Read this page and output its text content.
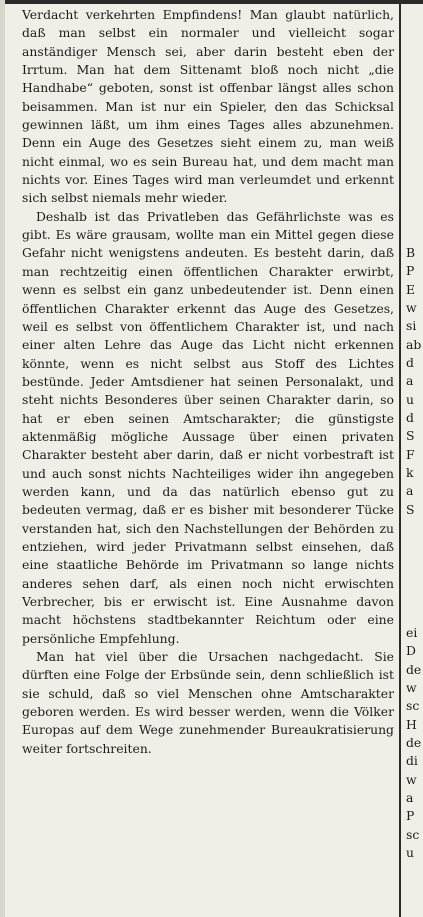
Verdacht verkehrten Empfindens! Man glaubt natürlich, daß man selbst ein normaler und vielleicht sogar anständiger Mensch sei, aber darin besteht eben der Irrtum. Man hat dem Sittenamt bloß noch nicht „die Handhabe“ geboten, sonst ist offenbar längst alles schon beisammen. Man ist nur ein Spieler, den das Schicksal gewinnen läßt, um ihm eines Tages alles abzunehmen. Denn ein Auge des Gesetzes sieht einem zu, man weiß nicht einmal, wo es sein Bureau hat, und dem macht man nichts vor. Eines Tages wird man verleumdet und erkennt sich selbst niemals mehr wieder.

Deshalb ist das Privatleben das Gefährlichste was es gibt. Es wäre grausam, wollte man ein Mittel gegen diese Gefahr nicht wenigstens andeuten. Es besteht darin, daß man rechtzeitig einen öffentlichen Charakter erwirbt, wenn es selbst ein ganz unbedeutender ist. Denn einen öffentlichen Charakter erkennt das Auge des Gesetzes, weil es selbst von öffentlichem Charakter ist, und nach einer alten Lehre das Auge das Licht nicht erkennen könnte, wenn es nicht selbst aus Stoff des Lichtes bestünde. Jeder Amtsdiener hat seinen Personalakt, und steht nichts Besonderes über seinen Charakter darin, so hat er eben seinen Amtscharakter; die günstigste aktenmäßig mögliche Aussage über einen privaten Charakter besteht aber darin, daß er nicht vorbestraft ist und auch sonst nichts Nachteiliges wider ihn angegeben werden kann, und da das natürlich ebenso gut zu bedeuten vermag, daß er es bisher mit besonderer Tücke verstanden hat, sich den Nachstellungen der Behörden zu entziehen, wird jeder Privatmann selbst einsehen, daß eine staatliche Behörde im Privatmann so lange nichts anderes sehen darf, als einen noch nicht erwischten Verbrecher, bis er erwischt ist. Eine Ausnahme davon macht höchstens stadtbekannter Reichtum oder eine persönliche Empfehlung.

Man hat viel über die Ursachen nachgedacht. Sie dürften eine Folge der Erbsünde sein, denn schließlich ist sie schuld, daß so viel Menschen ohne Amtscharakter geboren werden. Es wird besser werden, wenn die Völker Europas auf dem Wege zunehmender Bureaukratisierung weiter fortschreiten.

B
P
E
w
si
ab
d
a
u
d
S
F
k
a
S
ei
D
de
w
sc
H
de
di
w
a
P
sc
u
